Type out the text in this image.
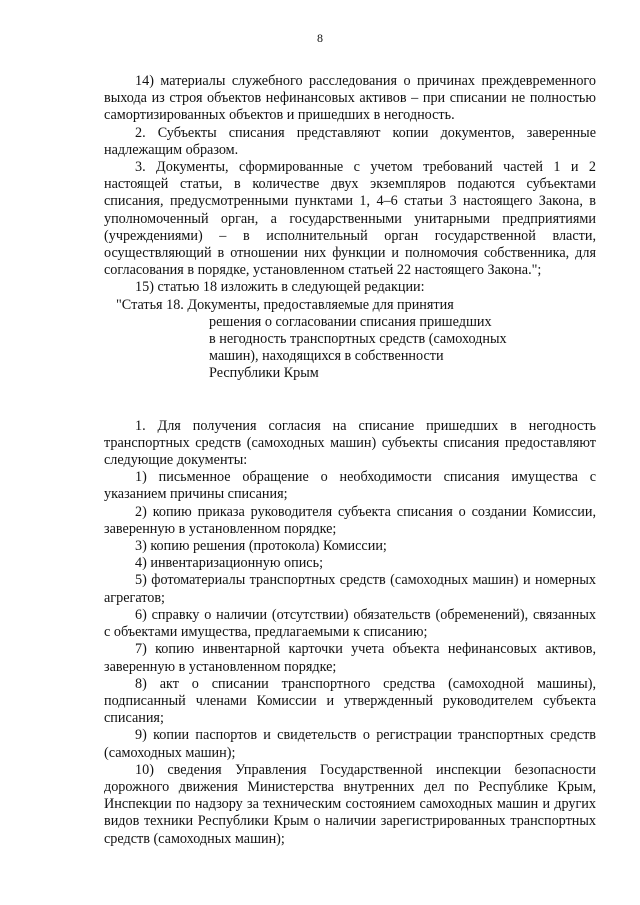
8

14) материалы служебного расследования о причинах преждевременного выхода из строя объектов нефинансовых активов – при списании не полностью самортизированных объектов и пришедших в негодность.

2. Субъекты списания представляют копии документов, заверенные надлежащим образом.

3. Документы, сформированные с учетом требований частей 1 и 2 настоящей статьи, в количестве двух экземпляров подаются субъектами списания, предусмотренными пунктами 1, 4–6 статьи 3 настоящего Закона, в уполномоченный орган, а государственными унитарными предприятиями (учреждениями) – в исполнительный орган государственной власти, осуществляющий в отношении них функции и полномочия собственника, для согласования в порядке, установленном статьей 22 настоящего Закона.";

15) статью 18 изложить в следующей редакции:

"Статья 18. Документы, предоставляемые для принятия
решения о согласовании списания пришедших
в негодность транспортных средств (самоходных
машин), находящихся в собственности
Республики Крым

1. Для получения согласия на списание пришедших в негодность транспортных средств (самоходных машин) субъекты списания предоставляют следующие документы:

1) письменное обращение о необходимости списания имущества с указанием причины списания;

2) копию приказа руководителя субъекта списания о создании Комиссии, заверенную в установленном порядке;

3) копию решения (протокола) Комиссии;

4) инвентаризационную опись;

5) фотоматериалы транспортных средств (самоходных машин) и номерных агрегатов;

6) справку о наличии (отсутствии) обязательств (обременений), связанных с объектами имущества, предлагаемыми к списанию;

7) копию инвентарной карточки учета объекта нефинансовых активов, заверенную в установленном порядке;

8) акт о списании транспортного средства (самоходной машины), подписанный членами Комиссии и утвержденный руководителем субъекта списания;

9) копии паспортов и свидетельств о регистрации транспортных средств (самоходных машин);

10) сведения Управления Государственной инспекции безопасности дорожного движения Министерства внутренних дел по Республике Крым, Инспекции по надзору за техническим состоянием самоходных машин и других видов техники Республики Крым о наличии зарегистрированных транспортных средств (самоходных машин);
